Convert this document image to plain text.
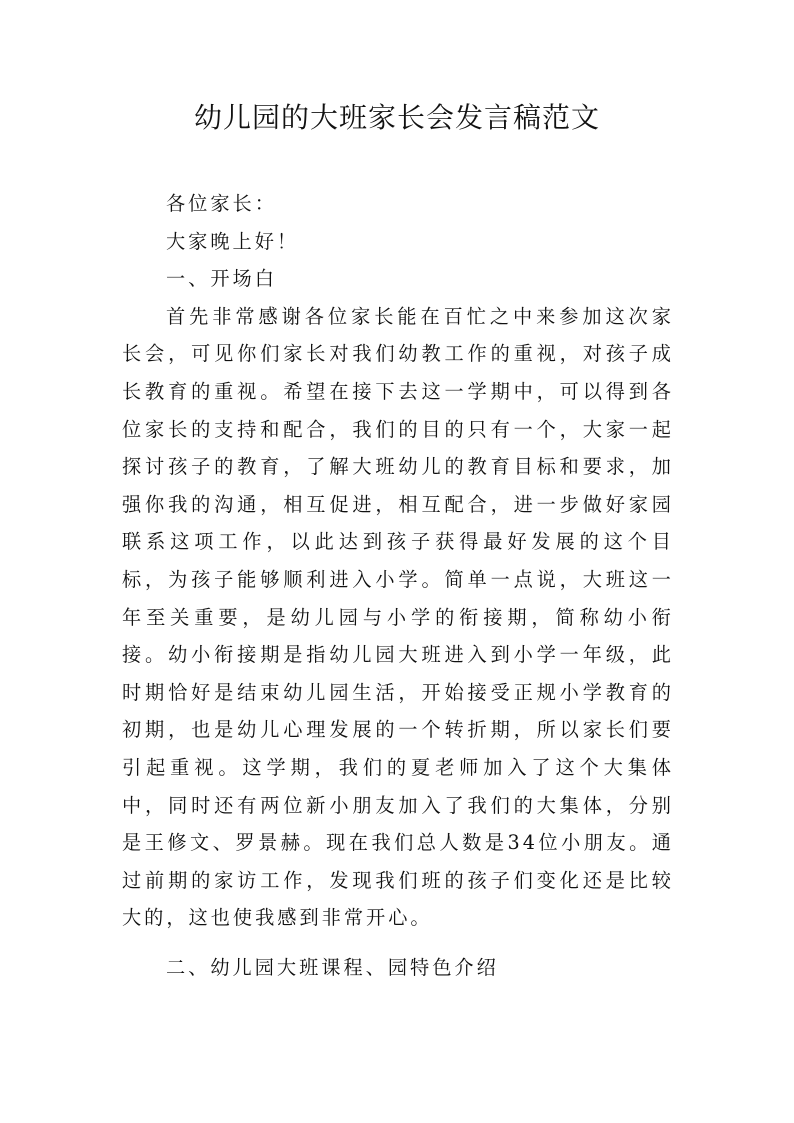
幼儿园的大班家长会发言稿范文

各位家长：

大家晚上好！

一、开场白

首先非常感谢各位家长能在百忙之中来参加这次家长会，可见你们家长对我们幼教工作的重视，对孩子成长教育的重视。希望在接下去这一学期中，可以得到各位家长的支持和配合，我们的目的只有一个，大家一起探讨孩子的教育，了解大班幼儿的教育目标和要求，加强你我的沟通，相互促进，相互配合，进一步做好家园联系这项工作，以此达到孩子获得最好发展的这个目标，为孩子能够顺利进入小学。简单一点说，大班这一年至关重要，是幼儿园与小学的衔接期，简称幼小衔接。幼小衔接期是指幼儿园大班进入到小学一年级，此时期恰好是结束幼儿园生活，开始接受正规小学教育的初期，也是幼儿心理发展的一个转折期，所以家长们要引起重视。这学期，我们的夏老师加入了这个大集体中，同时还有两位新小朋友加入了我们的大集体，分别是王修文、罗景赫。现在我们总人数是34位小朋友。通过前期的家访工作，发现我们班的孩子们变化还是比较大的，这也使我感到非常开心。

二、幼儿园大班课程、园特色介绍
